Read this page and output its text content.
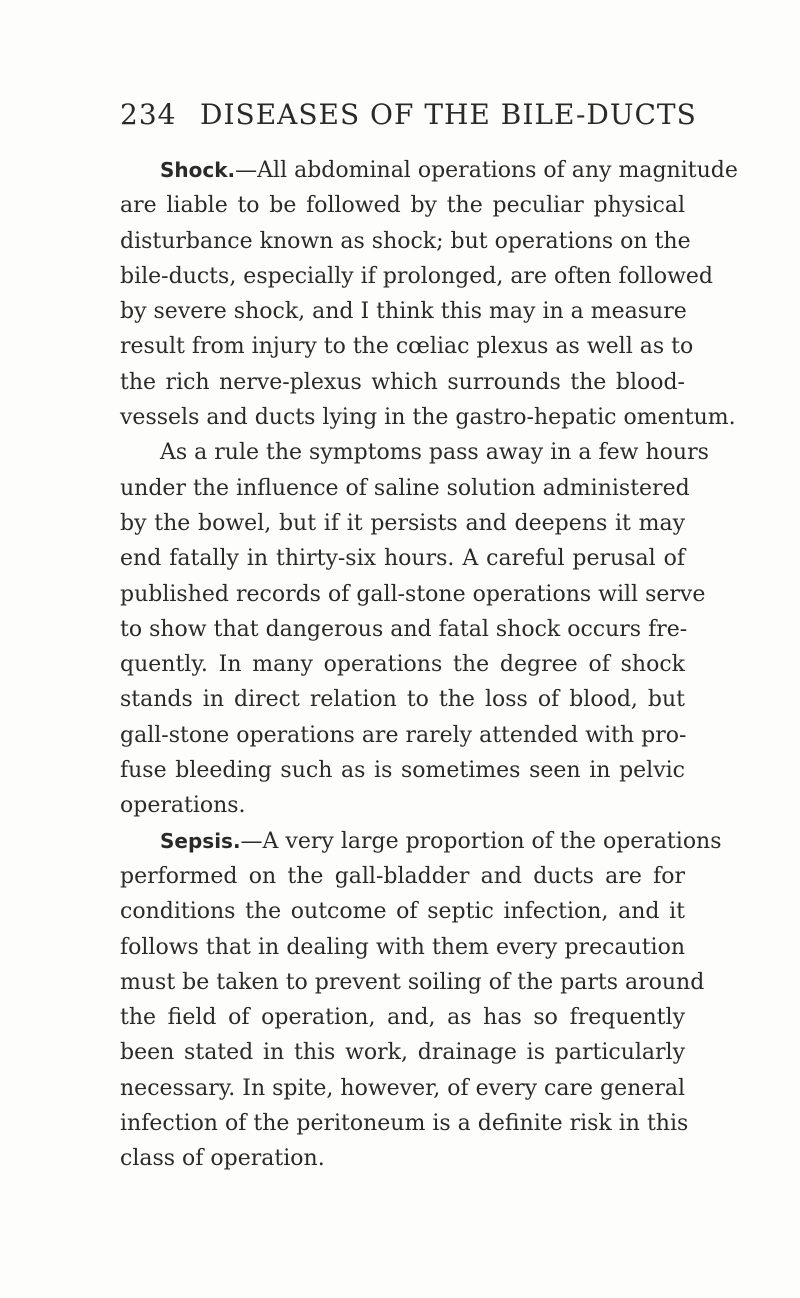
234 DISEASES OF THE BILE-DUCTS
Shock.—All abdominal operations of any magnitude
are liable to be followed by the peculiar physical
disturbance known as shock; but operations on the
bile-ducts, especially if prolonged, are often followed
by severe shock, and I think this may in a measure
result from injury to the cœliac plexus as well as to
the rich nerve-plexus which surrounds the blood-
vessels and ducts lying in the gastro-hepatic omentum.
As a rule the symptoms pass away in a few hours
under the influence of saline solution administered
by the bowel, but if it persists and deepens it may
end fatally in thirty-six hours. A careful perusal of
published records of gall-stone operations will serve
to show that dangerous and fatal shock occurs fre-
quently. In many operations the degree of shock
stands in direct relation to the loss of blood, but
gall-stone operations are rarely attended with pro-
fuse bleeding such as is sometimes seen in pelvic
operations.
Sepsis.—A very large proportion of the operations
performed on the gall-bladder and ducts are for
conditions the outcome of septic infection, and it
follows that in dealing with them every precaution
must be taken to prevent soiling of the parts around
the field of operation, and, as has so frequently
been stated in this work, drainage is particularly
necessary. In spite, however, of every care general
infection of the peritoneum is a definite risk in this
class of operation.
